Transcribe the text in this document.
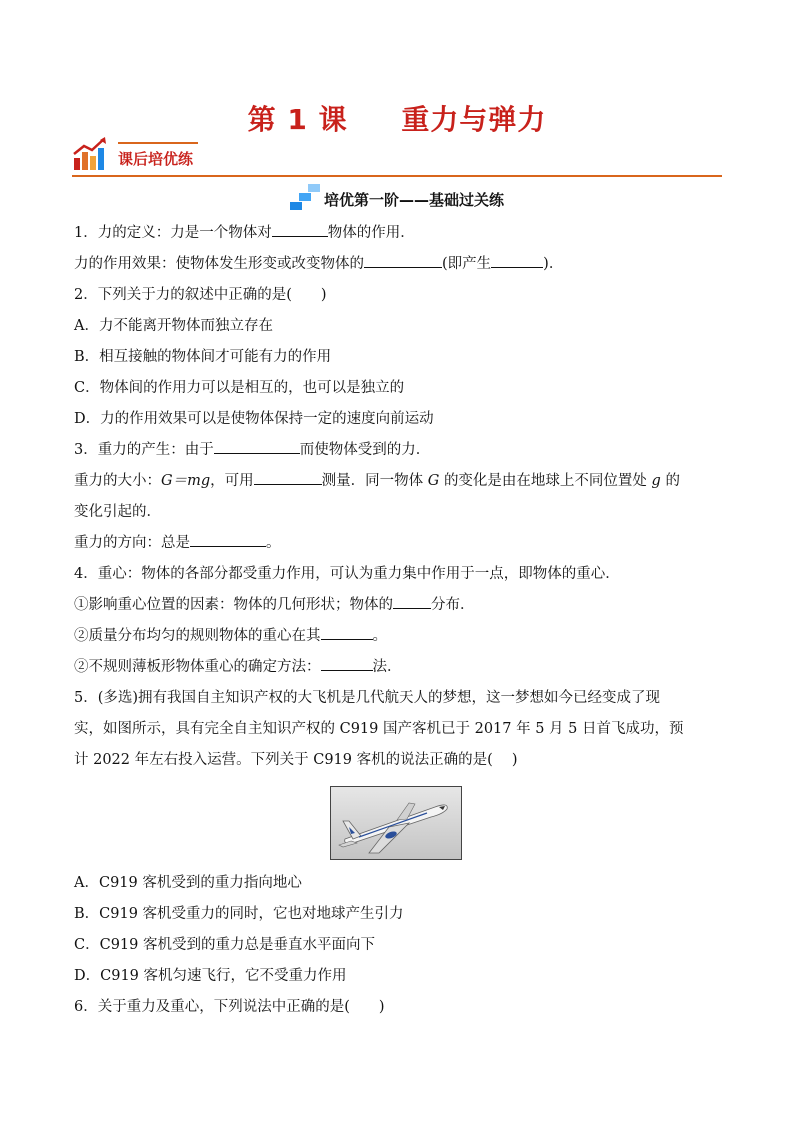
第 1 课     重力与弹力
课后培优练
培优第一阶——基础过关练
1．力的定义：力是一个物体对	物体的作用．
力的作用效果：使物体发生形变或改变物体的	(即产生	)．
2．下列关于力的叙述中正确的是(　　)
A．力不能离开物体而独立存在
B．相互接触的物体间才可能有力的作用
C．物体间的作用力可以是相互的，也可以是独立的
D．力的作用效果可以是使物体保持一定的速度向前运动
3．重力的产生：由于	而使物体受到的力．
重力的大小：G＝mg，可用	测量．同一物体 G 的变化是由在地球上不同位置处 g 的
变化引起的．
重力的方向：总是	。
4．重心：物体的各部分都受重力作用，可认为重力集中作用于一点，即物体的重心．
①影响重心位置的因素：物体的几何形状；物体的	分布．
②质量分布均匀的规则物体的重心在其	。
②不规则薄板形物体重心的确定方法：	法．
5．(多选)拥有我国自主知识产权的大飞机是几代航天人的梦想，这一梦想如今已经变成了现
实，如图所示，具有完全自主知识产权的 C919 国产客机已于 2017 年 5 月 5 日首飞成功，预
计 2022 年左右投入运营。下列关于 C919 客机的说法正确的是(　 )
A．C919 客机受到的重力指向地心
B．C919 客机受重力的同时，它也对地球产生引力
C．C919 客机受到的重力总是垂直水平面向下
D．C919 客机匀速飞行，它不受重力作用
6．关于重力及重心，下列说法中正确的是(　　)
